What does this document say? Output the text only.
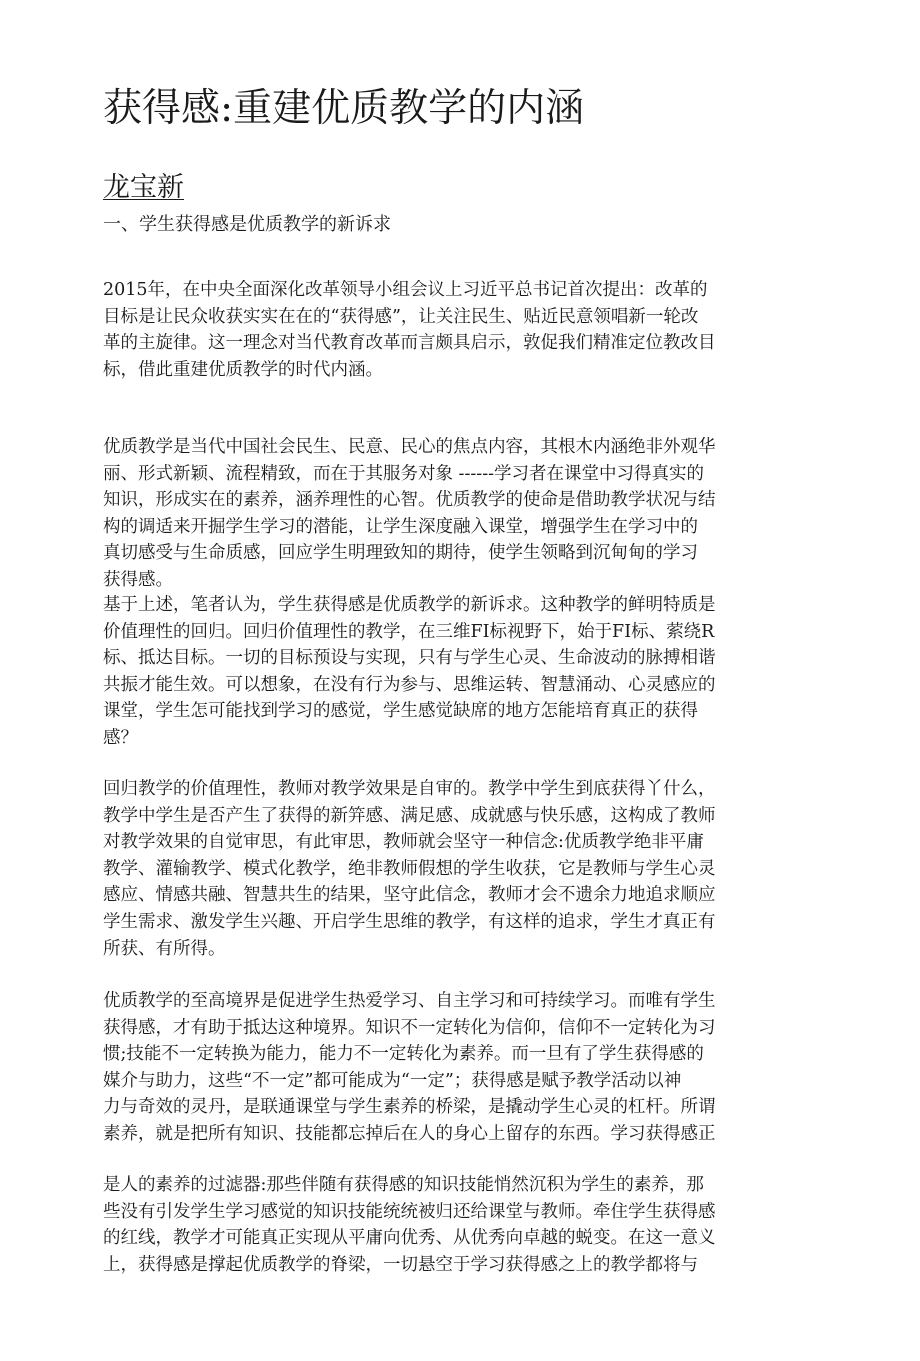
获得感:重建优质教学的内涵
龙宝新
一、学生获得感是优质教学的新诉求
2015年，在中央全面深化改革领导小组会议上习近平总书记首次提出：改革的
目标是让民众收获实实在在的“获得感”，让关注民生、贴近民意领唱新一轮改
革的主旋律。这一理念对当代教育改革而言颇具启示，敦促我们精准定位教改目
标，借此重建优质教学的时代内涵。
优质教学是当代中国社会民生、民意、民心的焦点内容，其根木内涵绝非外观华
丽、形式新颖、流程精致，而在于其服务对象 ------学习者在课堂中习得真实的
知识，形成实在的素养，涵养理性的心智。优质教学的使命是借助教学状况与结
构的调适来开掘学生学习的潜能，让学生深度融入课堂，增强学生在学习中的
真切感受与生命质感，回应学生明理致知的期待，使学生领略到沉甸甸的学习
获得感。
基于上述，笔者认为，学生获得感是优质教学的新诉求。这种教学的鲜明特质是
价值理性的回归。回归价值理性的教学，在三维FI标视野下，始于FI标、萦绕R
标、抵达目标。一切的目标预设与实现，只有与学生心灵、生命波动的脉搏相谐
共振才能生效。可以想象，在没有行为参与、思维运转、智慧涌动、心灵感应的
课堂，学生怎可能找到学习的感觉，学生感觉缺席的地方怎能培育真正的获得
感？
回归教学的价值理性，教师对教学效果是自审的。教学中学生到底获得丫什么，
教学中学生是否产生了获得的新笄感、满足感、成就感与快乐感，这构成了教师
对教学效果的自觉审思，有此审思，教师就会坚守一种信念:优质教学绝非平庸
教学、灌输教学、模式化教学，绝非教师假想的学生收获，它是教师与学生心灵
感应、情感共融、智慧共生的结果，坚守此信念，教师才会不遗余力地追求顺应
学生需求、激发学生兴趣、开启学生思维的教学，有这样的追求，学生才真正有
所获、有所得。
优质教学的至高境界是促进学生热爱学习、自主学习和可持续学习。而唯有学生
获得感，才有助于抵达这种境界。知识不一定转化为信仰，信仰不一定转化为习
惯;技能不一定转换为能力，能力不一定转化为素养。而一旦有了学生获得感的
媒介与助力，这些“不一定”都可能成为“一定”；获得感是赋予教学活动以神
力与奇效的灵丹，是联通课堂与学生素养的桥梁，是撬动学生心灵的杠杆。所谓
素养，就是把所有知识、技能都忘掉后在人的身心上留存的东西。学习获得感正
是人的素养的过滤器:那些伴随有获得感的知识技能悄然沉积为学生的素养，那
些没有引发学生学习感觉的知识技能统统被归还给课堂与教师。牵住学生获得感
的红线，教学才可能真正实现从平庸向优秀、从优秀向卓越的蜕变。在这一意义
上，获得感是撑起优质教学的脊梁，一切悬空于学习获得感之上的教学都将与
